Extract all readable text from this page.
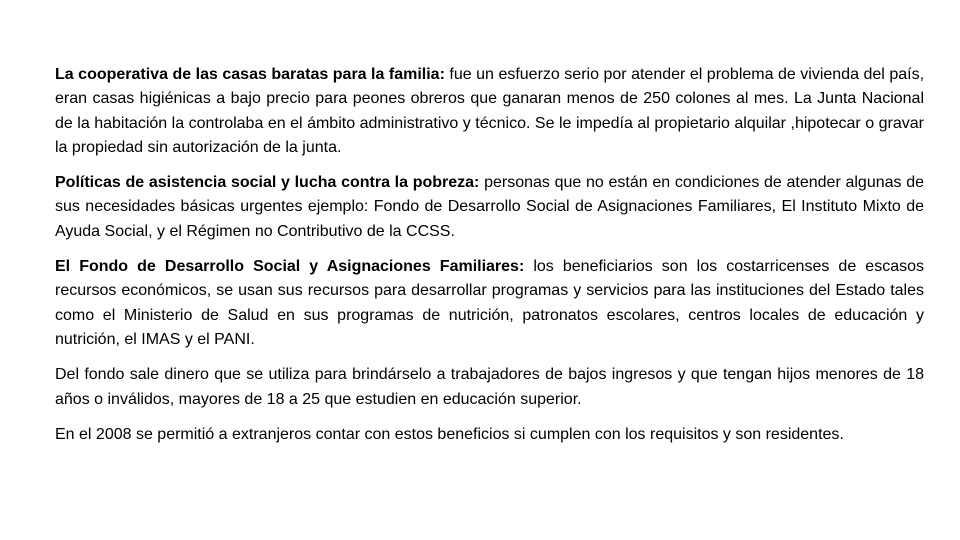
La cooperativa de las casas baratas para la familia: fue un esfuerzo serio por atender el problema de vivienda del país, eran casas higiénicas a bajo precio para peones obreros que ganaran menos de 250 colones al mes. La Junta Nacional de la habitación la controlaba en el ámbito administrativo y técnico. Se le impedía al propietario alquilar ,hipotecar o gravar la propiedad sin autorización de la junta.

Políticas de asistencia social y lucha contra la pobreza: personas que no están en condiciones de atender algunas de sus necesidades básicas urgentes ejemplo: Fondo de Desarrollo Social de Asignaciones Familiares, El Instituto Mixto de Ayuda Social, y el Régimen no Contributivo de la CCSS.

El Fondo de Desarrollo Social y Asignaciones Familiares: los beneficiarios son los costarricenses de escasos recursos económicos, se usan sus recursos para desarrollar programas y servicios para las instituciones del Estado tales como el Ministerio de Salud en sus programas de nutrición, patronatos escolares, centros locales de educación y nutrición, el IMAS y el PANI.

Del fondo sale dinero que se utiliza para brindárselo a trabajadores de bajos ingresos y que tengan hijos menores de 18 años o inválidos, mayores de 18 a 25 que estudien en educación superior.

En el 2008 se permitió a extranjeros contar con estos beneficios si cumplen con los requisitos y son residentes.
